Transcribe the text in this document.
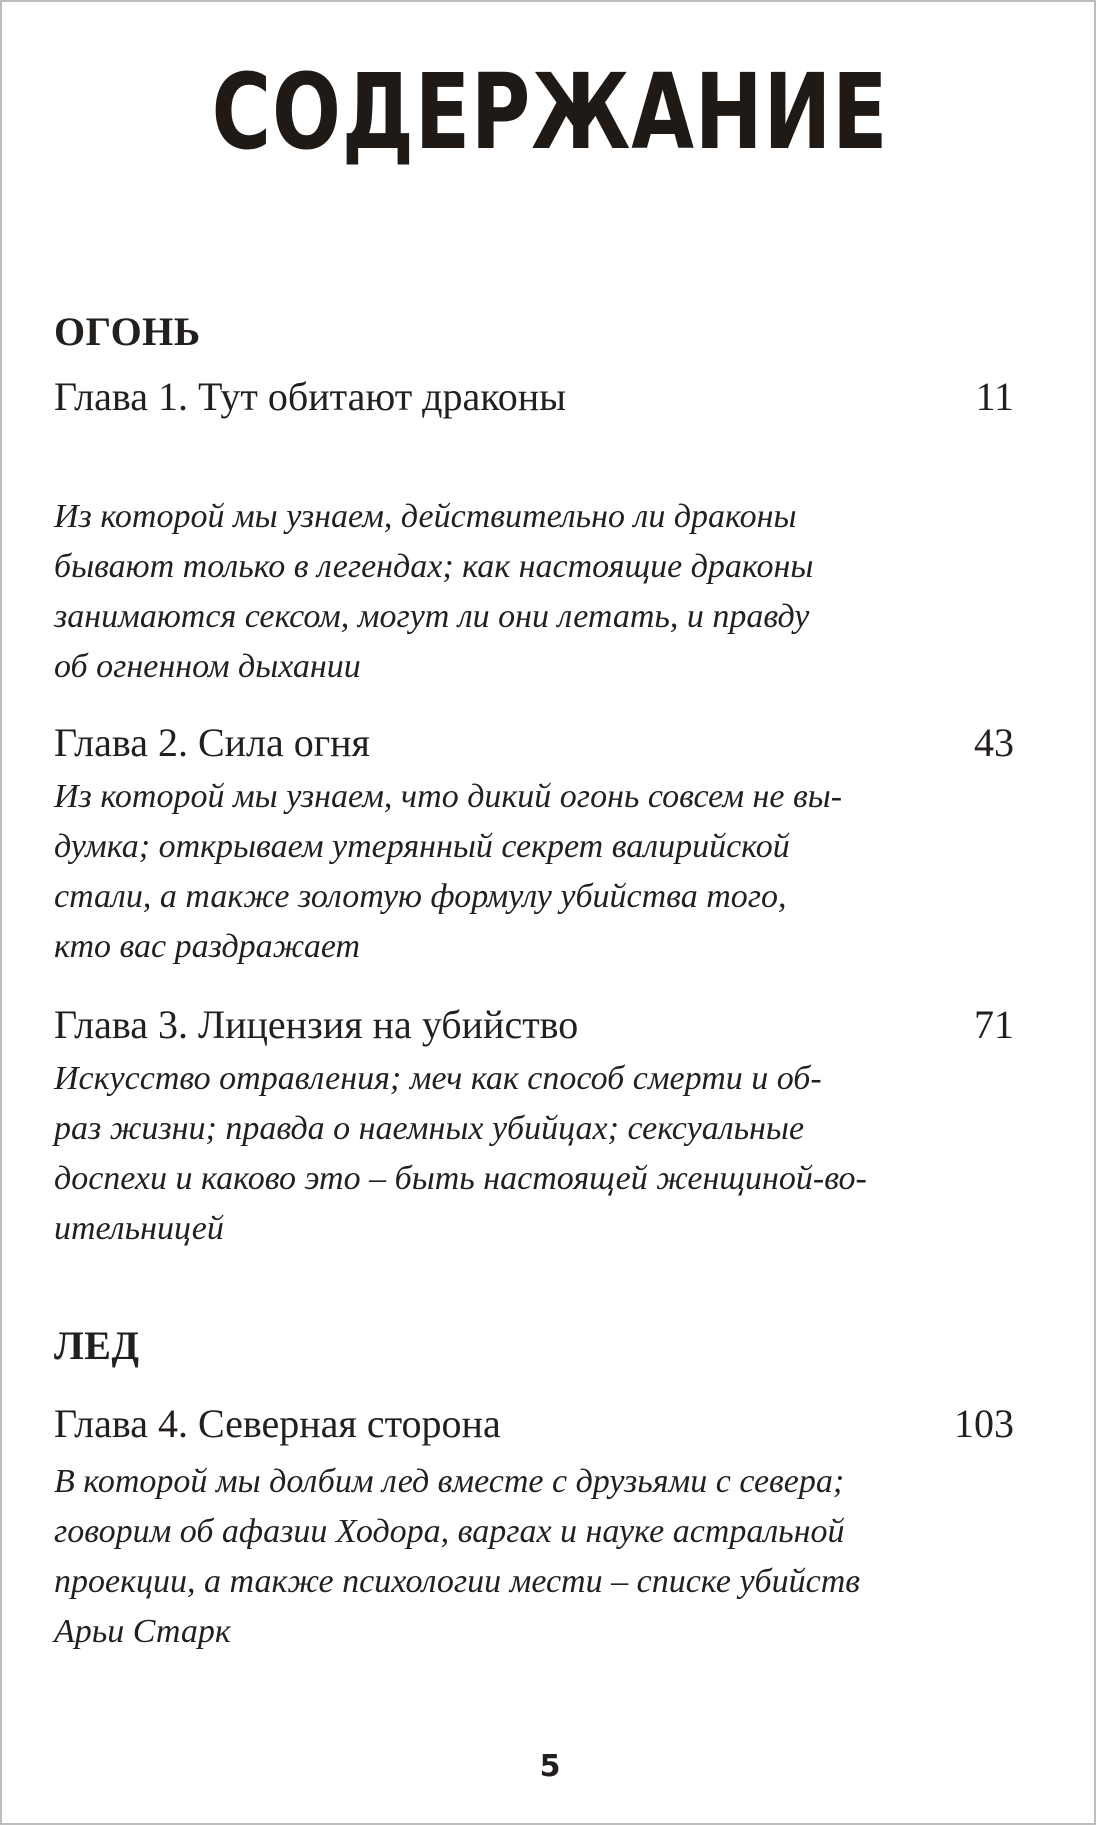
СОДЕРЖАНИЕ
ОГОНЬ
Глава 1. Тут обитают драконы	11
Из которой мы узнаем, действительно ли драконы
бывают только в легендах; как настоящие драконы
занимаются сексом, могут ли они летать, и правду
об огненном дыхании
Глава 2. Сила огня	43
Из которой мы узнаем, что дикий огонь совсем не вы-
думка; открываем утерянный секрет валирийской
стали, а также золотую формулу убийства того,
кто вас раздражает
Глава 3. Лицензия на убийство	71
Искусство отравления; меч как способ смерти и об-
раз жизни; правда о наемных убийцах; сексуальные
доспехи и каково это – быть настоящей женщиной-во-
ительницей
ЛЕД
Глава 4. Северная сторона	103
В которой мы долбим лед вместе с друзьями с севера;
говорим об афазии Ходора, варгах и науке астральной
проекции, а также психологии мести – списке убийств
Арьи Старк
5
